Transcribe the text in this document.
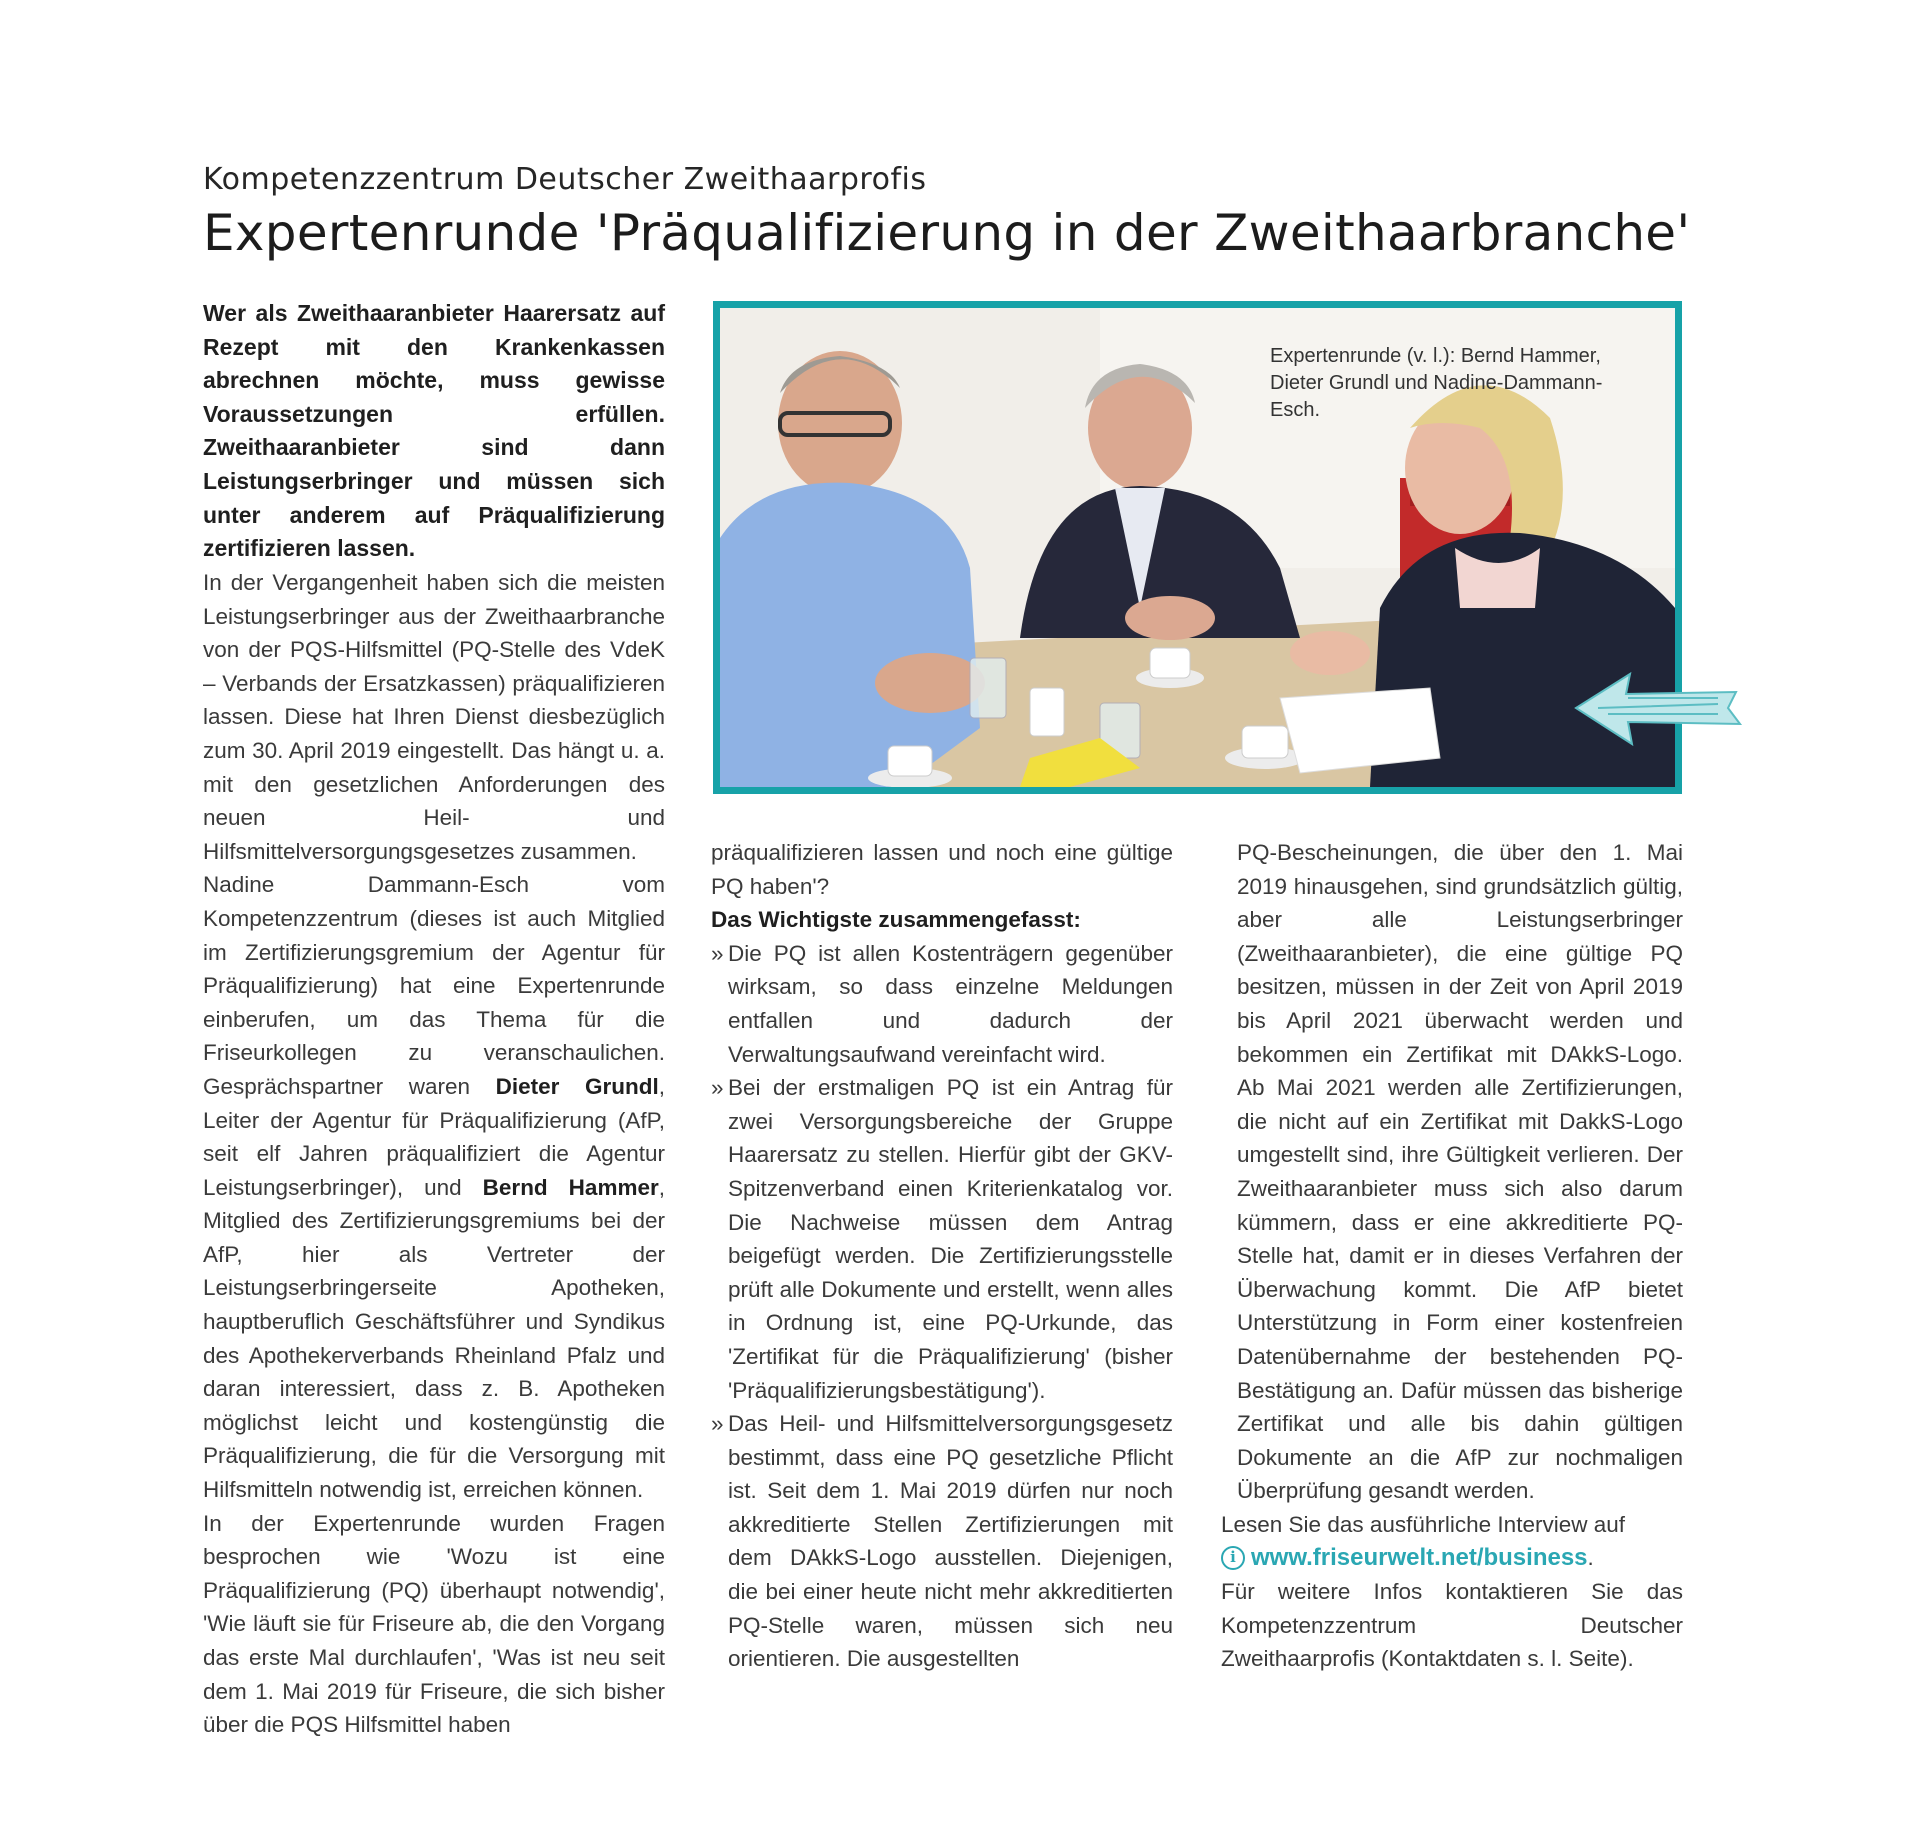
Kompetenzzentrum Deutscher Zweithaarprofis
Expertenrunde 'Präqualifizierung in der Zweithaarbranche'

Wer als Zweithaaranbieter Haarersatz auf Rezept mit den Krankenkassen abrechnen möchte, muss gewisse Voraussetzungen erfüllen. Zweithaaranbieter sind dann Leistungserbringer und müssen sich unter anderem auf Präqualifizierung zertifizieren lassen.

Expertenrunde (v. l.): Bernd Hammer, Dieter Grundl und Nadine-Dammann-Esch.

In der Vergangenheit haben sich die meisten Leistungserbringer aus der Zweithaarbranche von der PQS-Hilfsmittel (PQ-Stelle des VdeK – Verbands der Ersatzkassen) präqualifizieren lassen. Diese hat Ihren Dienst diesbezüglich zum 30. April 2019 eingestellt. Das hängt u. a. mit den gesetzlichen Anforderungen des neuen Heil- und Hilfsmittelversorgungsgesetzes zusammen.

Nadine Dammann-Esch vom Kompetenzzentrum (dieses ist auch Mitglied im Zertifizierungsgremium der Agentur für Präqualifizierung) hat eine Expertenrunde einberufen, um das Thema für die Friseurkollegen zu veranschaulichen. Gesprächspartner waren Dieter Grundl, Leiter der Agentur für Präqualifizierung (AfP, seit elf Jahren präqualifiziert die Agentur Leistungserbringer), und Bernd Hammer, Mitglied des Zertifizierungsgremiums bei der AfP, hier als Vertreter der Leistungserbringerseite Apotheken, hauptberuflich Geschäftsführer und Syndikus des Apothekerverbands Rheinland Pfalz und daran interessiert, dass z. B. Apotheken möglichst leicht und kostengünstig die Präqualifizierung, die für die Versorgung mit Hilfsmitteln notwendig ist, erreichen können.

In der Expertenrunde wurden Fragen besprochen wie 'Wozu ist eine Präqualifizierung (PQ) überhaupt notwendig', 'Wie läuft sie für Friseure ab, die den Vorgang das erste Mal durchlaufen', 'Was ist neu seit dem 1. Mai 2019 für Friseure, die sich bisher über die PQS Hilfsmittel haben

präqualifizieren lassen und noch eine gültige PQ haben'?

Das Wichtigste zusammengefasst:

» Die PQ ist allen Kostenträgern gegenüber wirksam, so dass einzelne Meldungen entfallen und dadurch der Verwaltungsaufwand vereinfacht wird.

» Bei der erstmaligen PQ ist ein Antrag für zwei Versorgungsbereiche der Gruppe Haarersatz zu stellen. Hierfür gibt der GKV-Spitzenverband einen Kriterienkatalog vor. Die Nachweise müssen dem Antrag beigefügt werden. Die Zertifizierungsstelle prüft alle Dokumente und erstellt, wenn alles in Ordnung ist, eine PQ-Urkunde, das 'Zertifikat für die Präqualifizierung' (bisher 'Präqualifizierungsbestätigung').

» Das Heil- und Hilfsmittelversorgungsgesetz bestimmt, dass eine PQ gesetzliche Pflicht ist. Seit dem 1. Mai 2019 dürfen nur noch akkreditierte Stellen Zertifizierungen mit dem DAkkS-Logo ausstellen. Diejenigen, die bei einer heute nicht mehr akkreditierten PQ-Stelle waren, müssen sich neu orientieren. Die ausgestellten

PQ-Bescheinungen, die über den 1. Mai 2019 hinausgehen, sind grundsätzlich gültig, aber alle Leistungserbringer (Zweithaaranbieter), die eine gültige PQ besitzen, müssen in der Zeit von April 2019 bis April 2021 überwacht werden und bekommen ein Zertifikat mit DAkkS-Logo. Ab Mai 2021 werden alle Zertifizierungen, die nicht auf ein Zertifikat mit DakkS-Logo umgestellt sind, ihre Gültigkeit verlieren. Der Zweithaaranbieter muss sich also darum kümmern, dass er eine akkreditierte PQ-Stelle hat, damit er in dieses Verfahren der Überwachung kommt. Die AfP bietet Unterstützung in Form einer kostenfreien Datenübernahme der bestehenden PQ-Bestätigung an. Dafür müssen das bisherige Zertifikat und alle bis dahin gültigen Dokumente an die AfP zur nochmaligen Überprüfung gesandt werden.

Lesen Sie das ausführliche Interview auf

i www.friseurwelt.net/business.

Für weitere Infos kontaktieren Sie das Kompetenzzentrum Deutscher Zweithaarprofis (Kontaktdaten s. l. Seite).
